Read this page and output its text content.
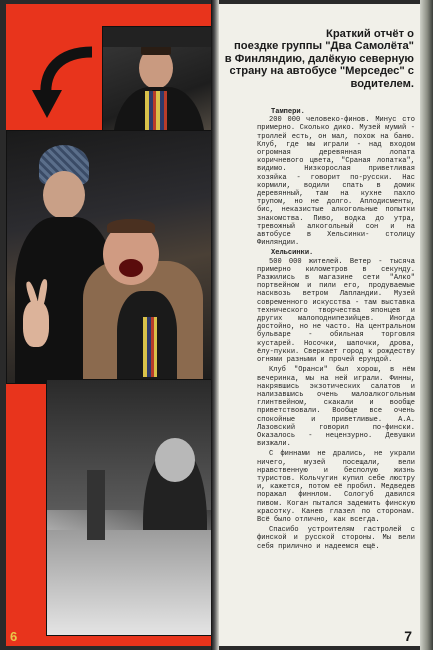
6
Краткий отчёт о
поездке группы "Два Самолёта"
в Финляндию, далёкую северную
страну на автобусе "Мерседес" с
водителем.

Тампери.

200 000 человеко-финов. Минус сто примерно. Сколько дико. Музей мумий - троллей есть, он мал, похож на баню. Клуб, где мы играли - над входом огромная деревянная лопата коричневого цвета, "Сраная лопатка", видимо. Низкорослая приветливая хозяйка - говорит по-русски. Нас кормили, водили спать в домик деревянный, там на кухне пахло трупом, но не долго. Аплодисменты, бис, неказистые алкогольные попытки знакомства. Пиво, водка до утра, тревожный алкогольный сон и на автобусе в Хельсинки- столицу Финляндии.

Хельсинки.

500 000 жителей. Ветер - тысяча примерно километров в секунду. Разжились в магазине сети "Алко" портвейном и пили его, продуваемые насквозь ветром Лапландии. Музей современного искусства - там выставка технического творчества японцев и других малоподнипезийцев. Иногда достойно, но не часто. На центральном бульваре - обильная торговля кустарей. Носочки, шапочки, дрова, ёлу-пукки. Сверкает город к рождеству огнями разными и прочей ерундой.

Клуб "Оранси" был хорош, в нём вечеринка, мы на ней играли. Финны, накрявшись экзотических салатов и нализавшись очень малоалкогольным глинтвейном, скакали и вообще приветствовали. Вообще все очень спокойные и приветливые. А.А. Лазовский говорил по-фински. Оказалось - нецензурно. Девушки визжали.

С финнами не дрались, не украли ничего, музей посещали, вели нравственную и бесполую жизнь туристов. Кольчугин купил себе люстру и, кажется, потом её пробил. Медведев поражал финнлом. Сологуб давился пивом. Коган пытался задемить финскую красотку. Канев глазел по сторонам. Всё было отлично, как всегда.

Спасибо устроителям гастролей с финской и русской стороны. Мы вели себя прилично и надеемся ещё.

7
